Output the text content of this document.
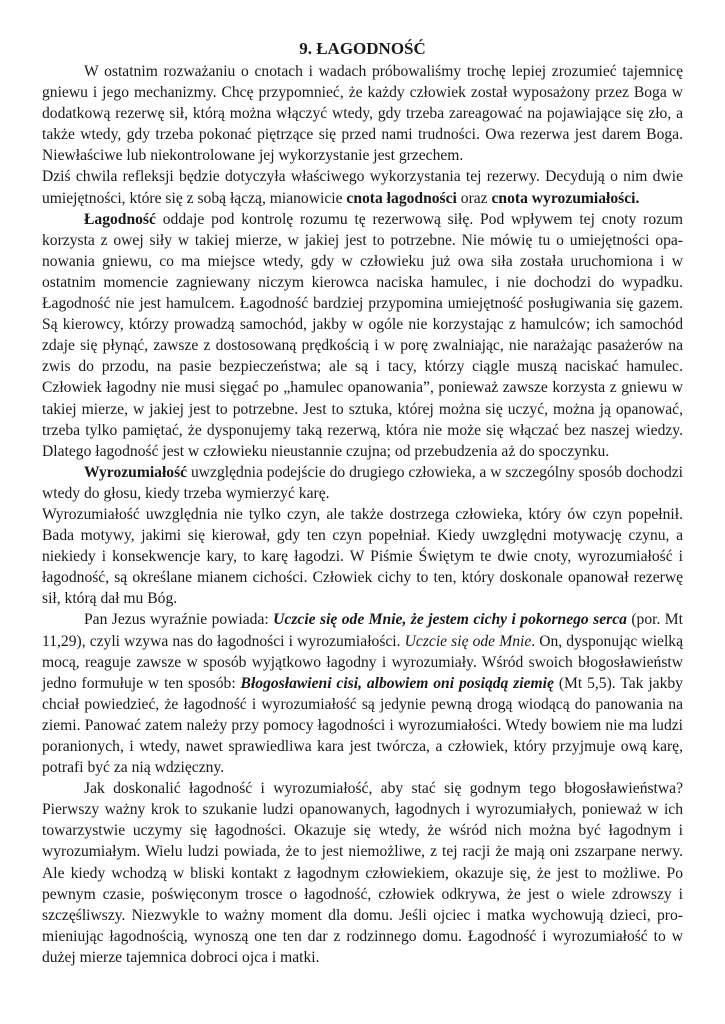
9. ŁAGODNOŚĆ

W ostatnim rozważaniu o cnotach i wadach próbowaliśmy trochę lepiej zrozumieć tajemnicę gniewu i jego mechanizmy. Chcę przypomnieć, że każdy człowiek został wyposażony przez Boga w dodatkową rezerwę sił, którą można włączyć wtedy, gdy trzeba zareagować na pojawiające się zło, a także wtedy, gdy trzeba pokonać piętrzące się przed nami trudności. Owa rezerwa jest darem Boga. Niewłaściwe lub niekontrolowane jej wykorzystanie jest grzechem.

Dziś chwila refleksji będzie dotyczyła właściwego wykorzystania tej rezerwy. Decydują o nim dwie umiejętności, które się z sobą łączą, mianowicie cnota łagodności oraz cnota wyrozumiałości.

Łagodność oddaje pod kontrolę rozumu tę rezerwową siłę. Pod wpływem tej cnoty rozum korzysta z owej siły w takiej mierze, w jakiej jest to potrzebne. Nie mówię tu o umiejętności opanowania gniewu, co ma miejsce wtedy, gdy w człowieku już owa siła została uruchomiona i w ostatnim momencie zagniewany niczym kierowca naciska hamulec, i nie dochodzi do wypadku. Łagodność nie jest hamulcem. Łagodność bardziej przypomina umiejętność posługiwania się gazem. Są kierowcy, którzy prowadzą samochód, jakby w ogóle nie korzystając z hamulców; ich samochód zdaje się płynąć, zawsze z dostosowaną prędkością i w porę zwalniając, nie narażając pasażerów na zwis do przodu, na pasie bezpieczeństwa; ale są i tacy, którzy ciągle muszą naciskać hamulec. Człowiek łagodny nie musi sięgać po „hamulec opanowania”, ponieważ zawsze korzysta z gniewu w takiej mierze, w jakiej jest to potrzebne. Jest to sztuka, której można się uczyć, można ją opanować, trzeba tylko pamiętać, że dysponujemy taką rezerwą, która nie może się włączać bez naszej wiedzy. Dlatego łagodność jest w człowieku nieustannie czujna; od przebudzenia aż do spoczynku.

Wyrozumiałość uwzględnia podejście do drugiego człowieka, a w szczególny sposób dochodzi wtedy do głosu, kiedy trzeba wymierzyć karę.

Wyrozumiałość uwzględnia nie tylko czyn, ale także dostrzega człowieka, który ów czyn popełnił. Bada motywy, jakimi się kierował, gdy ten czyn popełniał. Kiedy uwzględni motywację czynu, a niekiedy i konsekwencje kary, to karę łagodzi. W Piśmie Świętym te dwie cnoty, wyrozumiałość i łagodność, są określane mianem cichości. Człowiek cichy to ten, który doskonale opanował rezerwę sił, którą dał mu Bóg.

Pan Jezus wyraźnie powiada: Uczcie się ode Mnie, że jestem cichy i pokornego serca (por. Mt 11,29), czyli wzywa nas do łagodności i wyrozumiałości. Uczcie się ode Mnie. On, dysponując wielką mocą, reaguje zawsze w sposób wyjątkowo łagodny i wyrozumiały. Wśród swoich błogosławieństw jedno formułuje w ten sposób: Błogosławieni cisi, albowiem oni posiądą ziemię (Mt 5,5). Tak jakby chciał powiedzieć, że łagodność i wyrozumiałość są jedynie pewną drogą wiodącą do panowania na ziemi. Panować zatem należy przy pomocy łagodności i wyrozumiałości. Wtedy bowiem nie ma ludzi poranionych, i wtedy, nawet sprawiedliwa kara jest twórcza, a człowiek, który przyjmuje ową karę, potrafi być za nią wdzięczny.

Jak doskonalić łagodność i wyrozumiałość, aby stać się godnym tego błogosławieństwa? Pierwszy ważny krok to szukanie ludzi opanowanych, łagodnych i wyrozumiałych, ponieważ w ich towarzystwie uczymy się łagodności. Okazuje się wtedy, że wśród nich można być łagodnym i wyrozumiałym. Wielu ludzi powiada, że to jest niemożliwe, z tej racji że mają oni zszarpane nerwy. Ale kiedy wchodzą w bliski kontakt z łagodnym człowiekiem, okazuje się, że jest to możliwe. Po pewnym czasie, poświęconym trosce o łagodność, człowiek odkrywa, że jest o wiele zdrowszy i szczęśliwszy. Niezwykle to ważny moment dla domu. Jeśli ojciec i matka wychowują dzieci, promieniując łagodnością, wynoszą one ten dar z rodzinnego domu. Łagodność i wyrozumiałość to w dużej mierze tajemnica dobroci ojca i matki.
